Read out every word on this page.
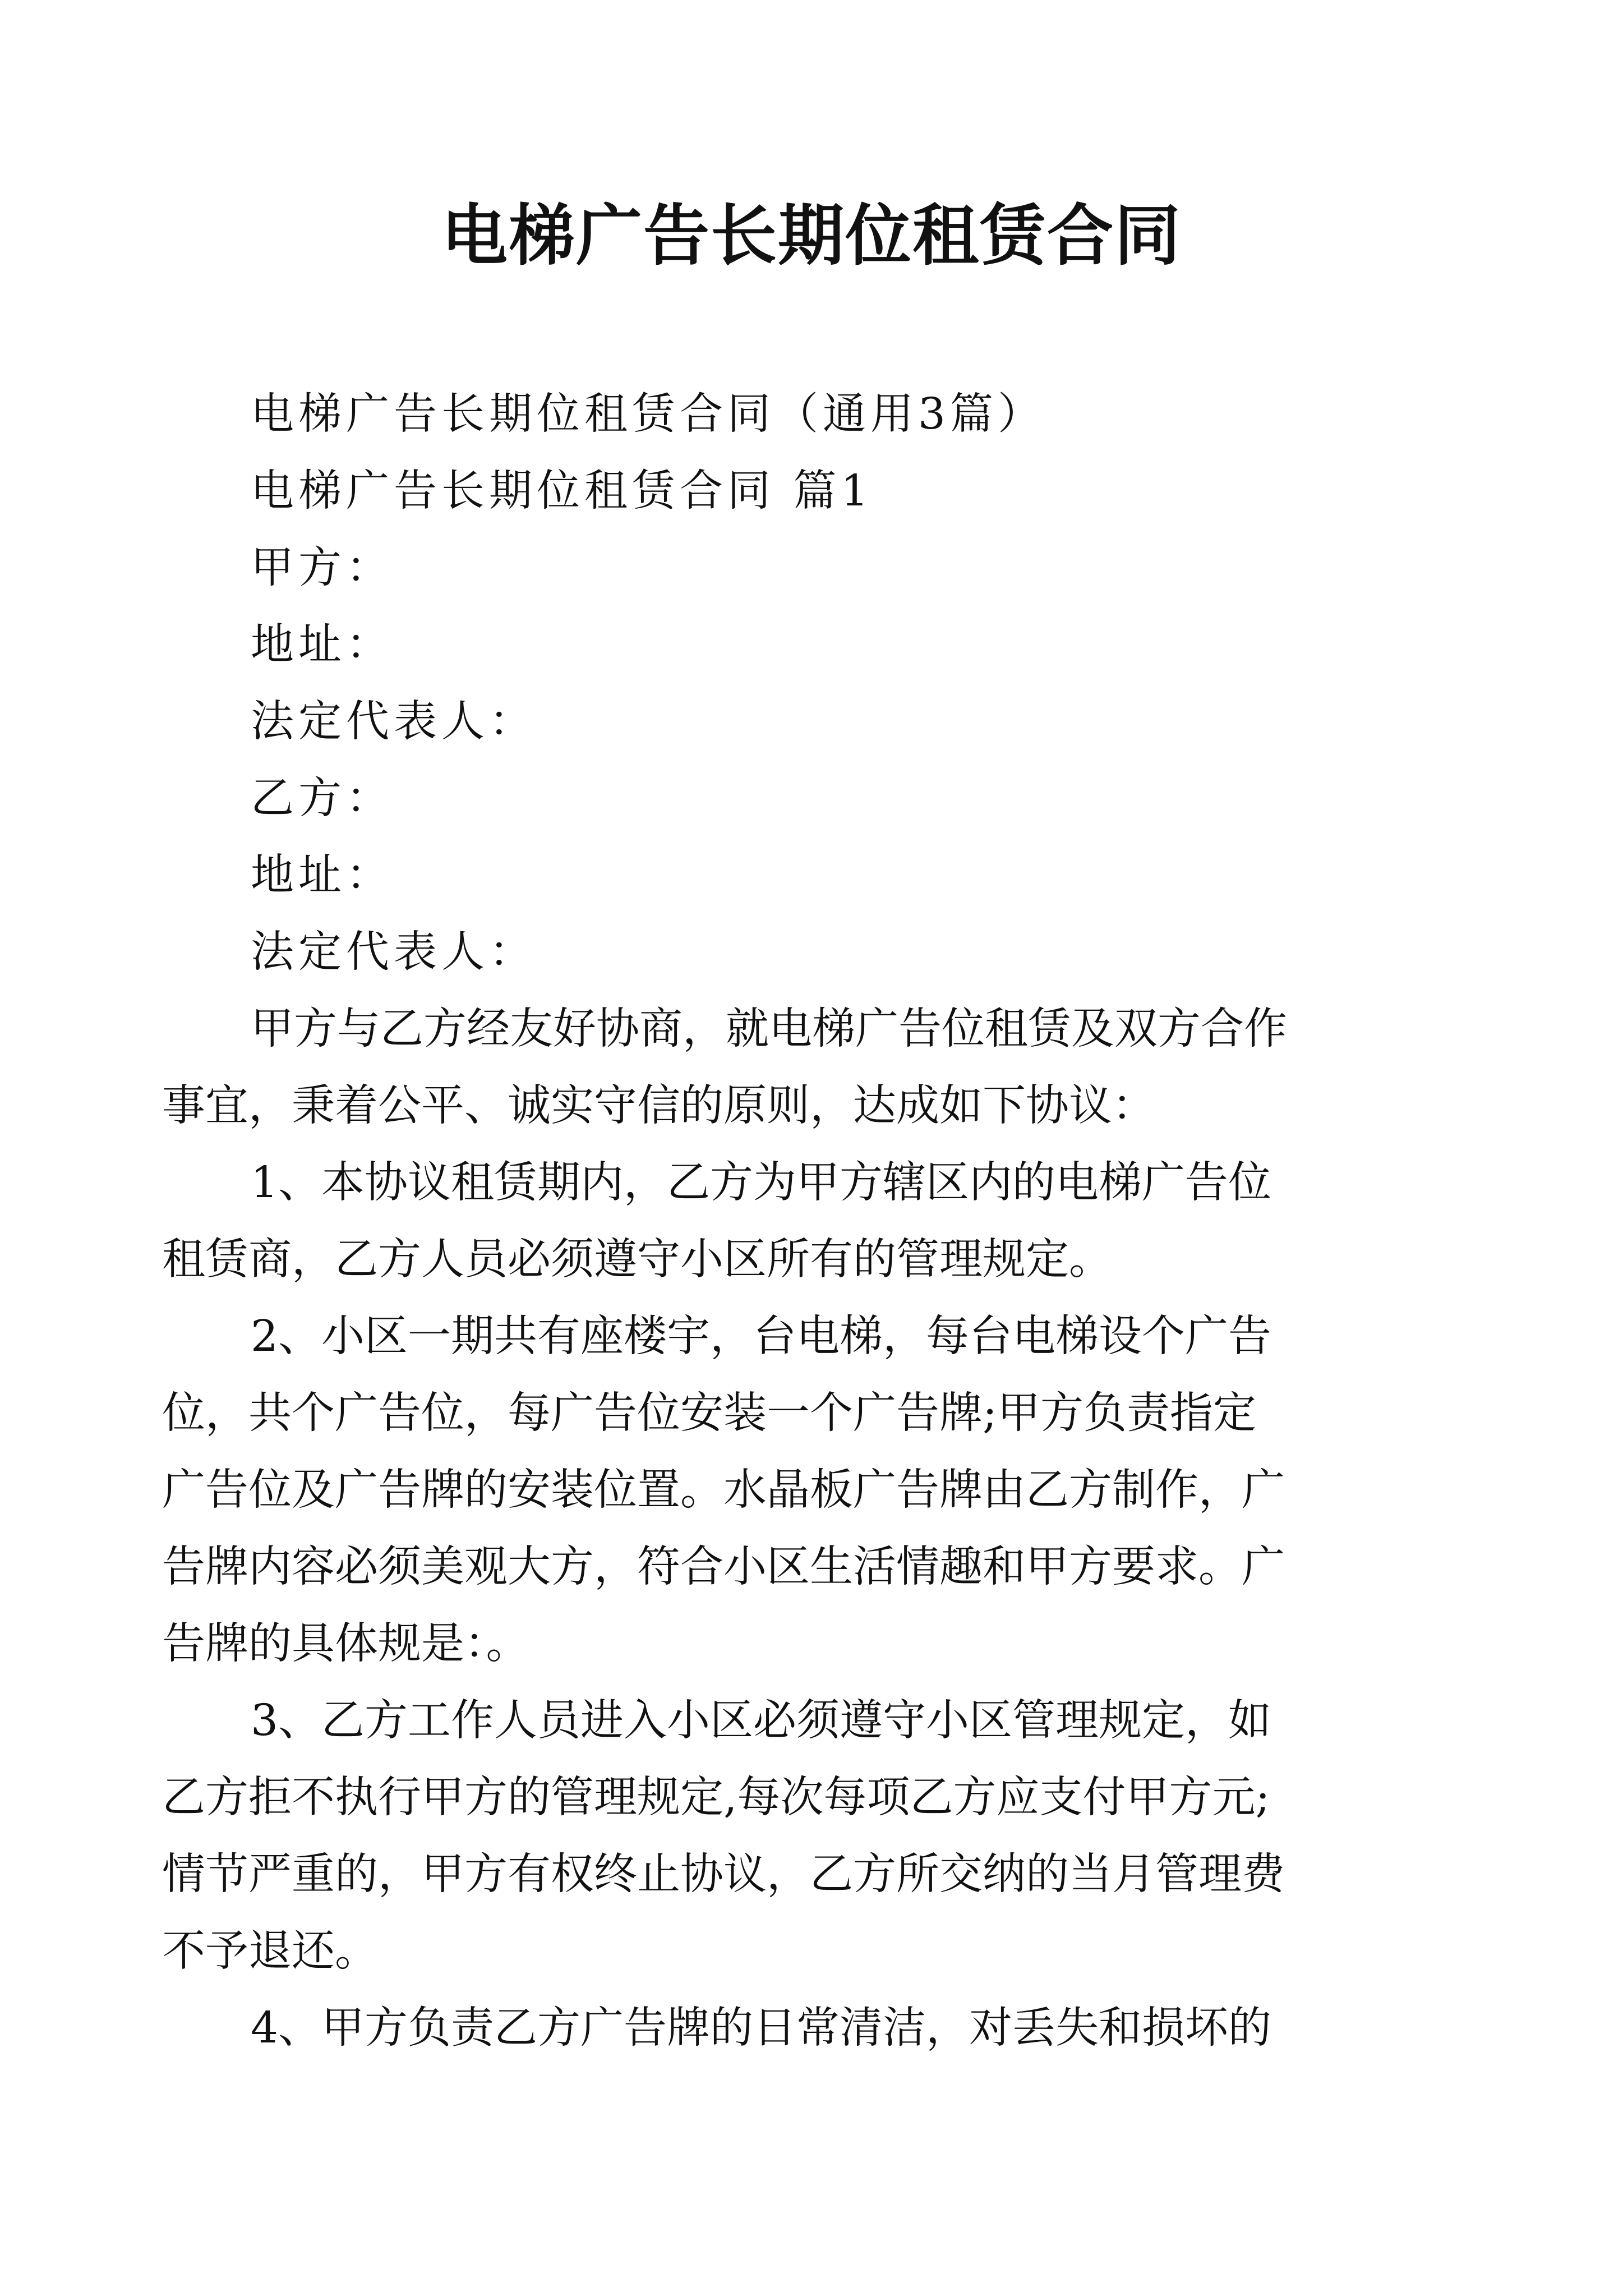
电梯广告长期位租赁合同
电梯广告长期位租赁合同（通用3篇）
电梯广告长期位租赁合同 篇1
甲方：
地址：
法定代表人：
乙方：
地址：
法定代表人：
甲方与乙方经友好协商，就电梯广告位租赁及双方合作
事宜，秉着公平、诚实守信的原则，达成如下协议：
1、本协议租赁期内，乙方为甲方辖区内的电梯广告位
租赁商，乙方人员必须遵守小区所有的管理规定。
2、小区一期共有座楼宇，台电梯，每台电梯设个广告
位，共个广告位，每广告位安装一个广告牌;甲方负责指定
广告位及广告牌的安装位置。水晶板广告牌由乙方制作，广
告牌内容必须美观大方，符合小区生活情趣和甲方要求。广
告牌的具体规是：。
3、乙方工作人员进入小区必须遵守小区管理规定，如
乙方拒不执行甲方的管理规定,每次每项乙方应支付甲方元;
情节严重的，甲方有权终止协议，乙方所交纳的当月管理费
不予退还。
4、甲方负责乙方广告牌的日常清洁，对丢失和损坏的
